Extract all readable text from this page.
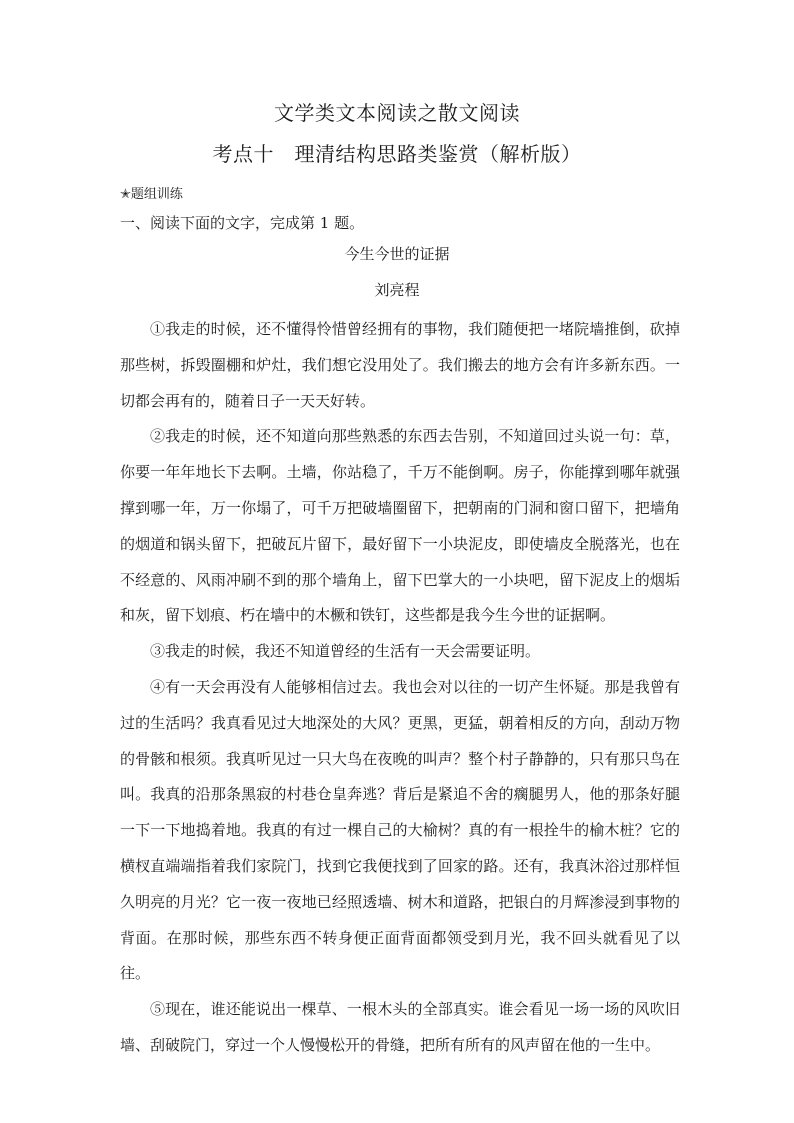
文学类文本阅读之散文阅读
考点十　理清结构思路类鉴赏（解析版）
✭题组训练
一、阅读下面的文字，完成第 1 题。
今生今世的证据
刘亮程

①我走的时候，还不懂得怜惜曾经拥有的事物，我们随便把一堵院墙推倒，砍掉那些树，拆毁圈棚和炉灶，我们想它没用处了。我们搬去的地方会有许多新东西。一切都会再有的，随着日子一天天好转。

②我走的时候，还不知道向那些熟悉的东西去告别，不知道回过头说一句：草，你要一年年地长下去啊。土墙，你站稳了，千万不能倒啊。房子，你能撑到哪年就强撑到哪一年，万一你塌了，可千万把破墙圈留下，把朝南的门洞和窗口留下，把墙角的烟道和锅头留下，把破瓦片留下，最好留下一小块泥皮，即使墙皮全脱落光，也在不经意的、风雨冲刷不到的那个墙角上，留下巴掌大的一小块吧，留下泥皮上的烟垢和灰，留下划痕、朽在墙中的木橛和铁钉，这些都是我今生今世的证据啊。

③我走的时候，我还不知道曾经的生活有一天会需要证明。

④有一天会再没有人能够相信过去。我也会对以往的一切产生怀疑。那是我曾有过的生活吗？我真看见过大地深处的大风？更黑，更猛，朝着相反的方向，刮动万物的骨骸和根须。我真听见过一只大鸟在夜晚的叫声？整个村子静静的，只有那只鸟在叫。我真的沿那条黑寂的村巷仓皇奔逃？背后是紧追不舍的瘸腿男人，他的那条好腿一下一下地捣着地。我真的有过一棵自己的大榆树？真的有一根拴牛的榆木桩？它的横杈直端端指着我们家院门，找到它我便找到了回家的路。还有，我真沐浴过那样恒久明亮的月光？它一夜一夜地已经照透墙、树木和道路，把银白的月辉渗浸到事物的背面。在那时候，那些东西不转身便正面背面都领受到月光，我不回头就看见了以往。

⑤现在，谁还能说出一棵草、一根木头的全部真实。谁会看见一场一场的风吹旧墙、刮破院门，穿过一个人慢慢松开的骨缝，把所有所有的风声留在他的一生中。
